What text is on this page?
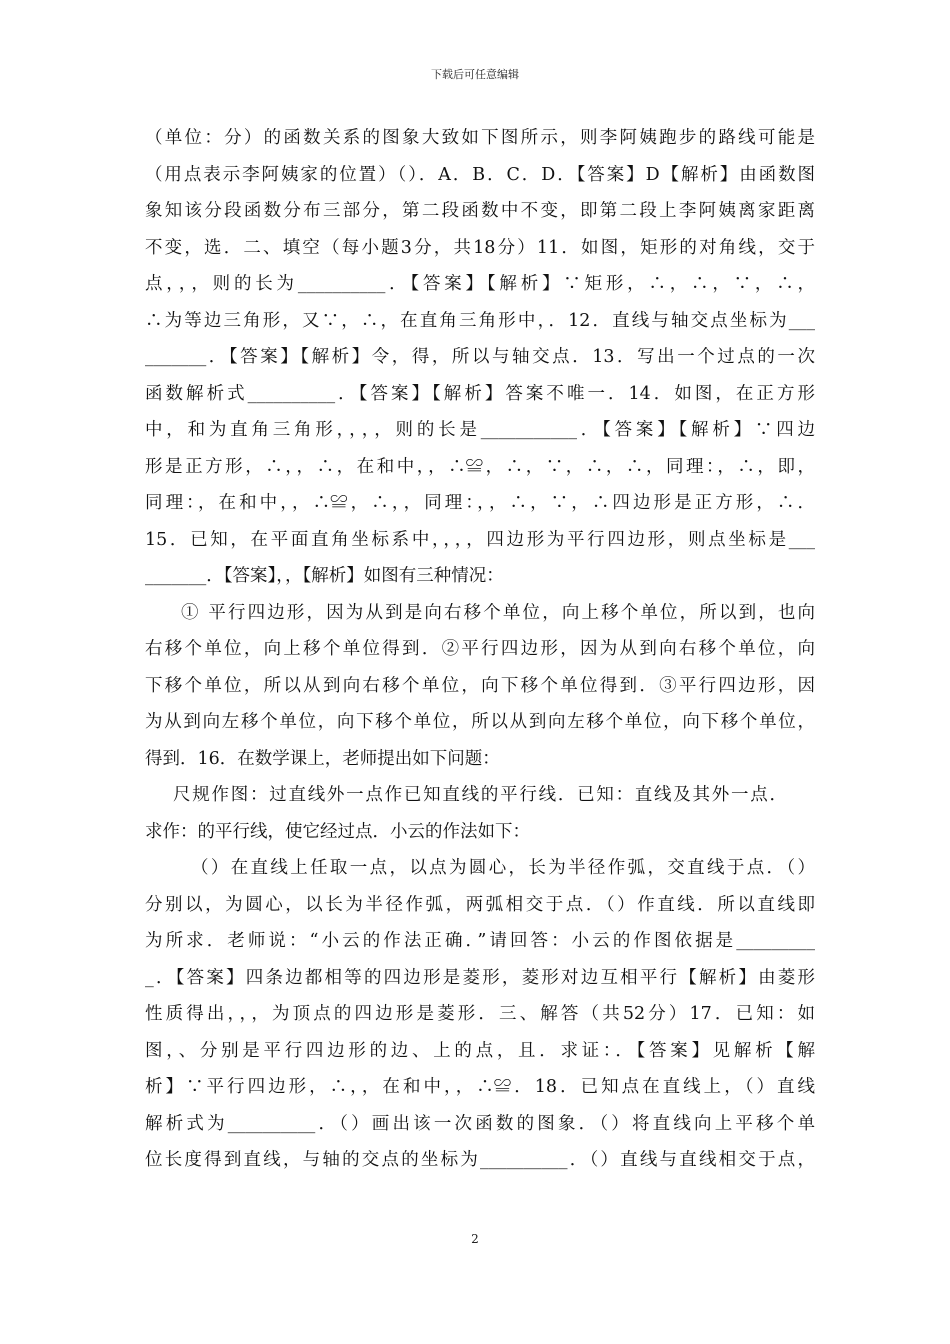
下载后可任意编辑
（单位：分）的函数关系的图象大致如下图所示，则李阿姨跑步的路线可能是
（用点表示李阿姨家的位置）（）．A．B．C．D．【答案】D【解析】由函数图
象知该分段函数分布三部分，第二段函数中不变，即第二段上李阿姨离家距离
不变，选．二、填空（每小题3分，共18分）11．如图，矩形的对角线，交于
点，，，则的长为__________．【答案】【解析】∵矩形，∴，∴，∵，∴，
∴为等边三角形，又∵，∴，在直角三角形中，．12．直线与轴交点坐标为___
_______．【答案】【解析】令，得，所以与轴交点．13．写出一个过点的一次
函数解析式__________．【答案】【解析】答案不唯一．14．如图，在正方形
中，和为直角三角形，，，，则的长是___________．【答案】【解析】∵四边
形是正方形，∴，，∴，在和中，，∴≌，∴，∵，∴，∴，同理：，∴，即，
同理：，在和中，，∴≌，∴，，同理：，，∴，∵，∴四边形是正方形，∴．
15．已知，在平面直角坐标系中，，，，四边形为平行四边形，则点坐标是___
_______．【答案】，，【解析】如图有三种情况：
① 平行四边形，因为从到是向右移个单位，向上移个单位，所以到，也向
右移个单位，向上移个单位得到．②平行四边形，因为从到向右移个单位，向
下移个单位，所以从到向右移个单位，向下移个单位得到．③平行四边形，因
为从到向左移个单位，向下移个单位，所以从到向左移个单位，向下移个单位，
得到．16．在数学课上，老师提出如下问题：
尺规作图：过直线外一点作已知直线的平行线．已知：直线及其外一点．
求作：的平行线，使它经过点．小云的作法如下：
（）在直线上任取一点，以点为圆心，长为半径作弧，交直线于点．（）
分别以，为圆心，以长为半径作弧，两弧相交于点．（）作直线．所以直线即
为所求．老师说：“小云的作法正确．”请回答：小云的作图依据是_________
_．【答案】四条边都相等的四边形是菱形，菱形对边互相平行【解析】由菱形
性质得出，，，为顶点的四边形是菱形．三、解答（共52分）17．已知：如
图，、分别是平行四边形的边、上的点，且．求证：．【答案】见解析【解
析】∵平行四边形，∴，，在和中，，∴≌．18．已知点在直线上，（）直线
解析式为__________．（）画出该一次函数的图象．（）将直线向上平移个单
位长度得到直线，与轴的交点的坐标为__________．（）直线与直线相交于点，
2
